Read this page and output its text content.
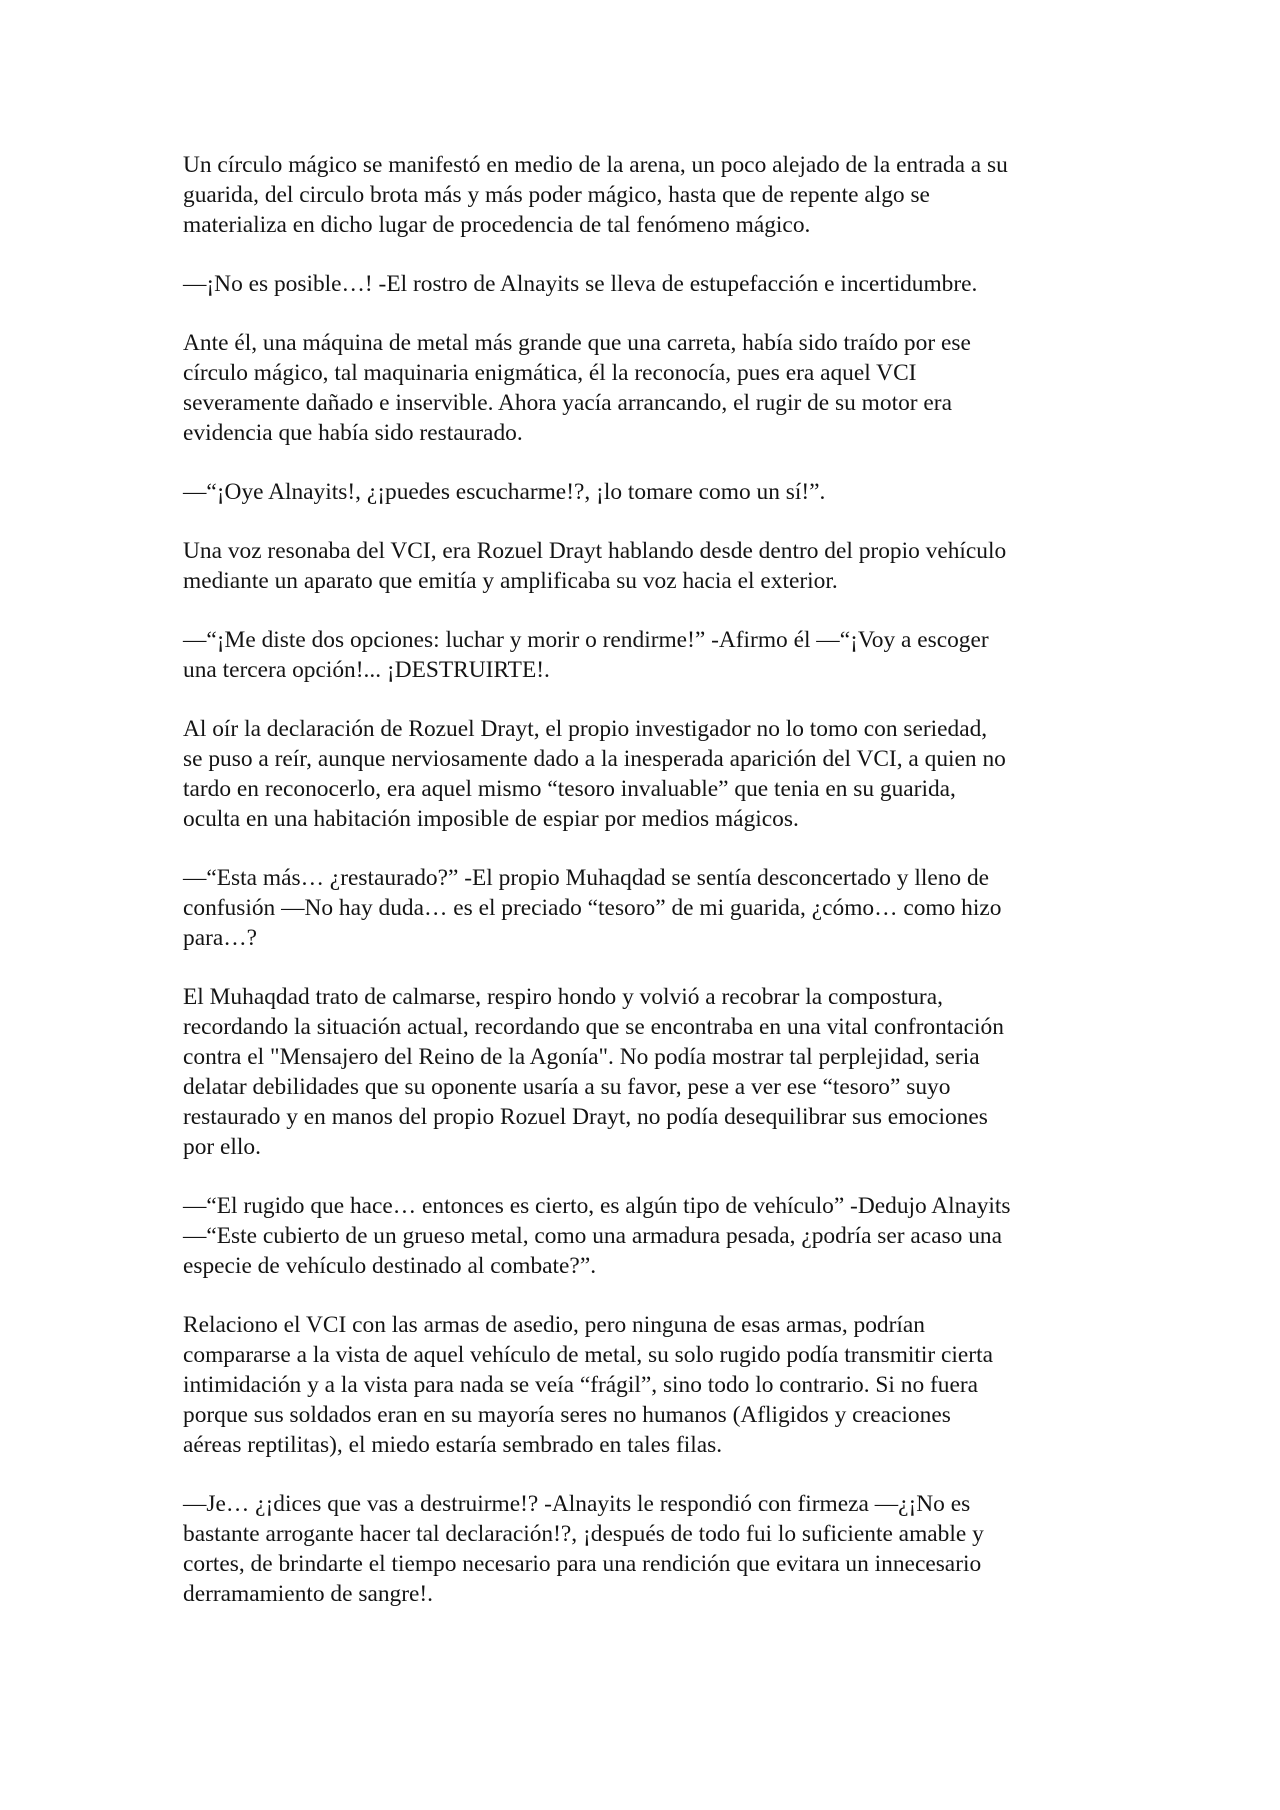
Un círculo mágico se manifestó en medio de la arena, un poco alejado de la entrada a su
guarida, del circulo brota más y más poder mágico, hasta que de repente algo se
materializa en dicho lugar de procedencia de tal fenómeno mágico.

—¡No es posible…! -El rostro de Alnayits se lleva de estupefacción e incertidumbre.

Ante él, una máquina de metal más grande que una carreta, había sido traído por ese
círculo mágico, tal maquinaria enigmática, él la reconocía, pues era aquel VCI
severamente dañado e inservible. Ahora yacía arrancando, el rugir de su motor era
evidencia que había sido restaurado.

—“¡Oye Alnayits!, ¿¡puedes escucharme!?, ¡lo tomare como un sí!”.

Una voz resonaba del VCI, era Rozuel Drayt hablando desde dentro del propio vehículo
mediante un aparato que emitía y amplificaba su voz hacia el exterior.

—“¡Me diste dos opciones: luchar y morir o rendirme!” -Afirmo él —“¡Voy a escoger
una tercera opción!... ¡DESTRUIRTE!.

Al oír la declaración de Rozuel Drayt, el propio investigador no lo tomo con seriedad,
se puso a reír, aunque nerviosamente dado a la inesperada aparición del VCI, a quien no
tardo en reconocerlo, era aquel mismo “tesoro invaluable” que tenia en su guarida,
oculta en una habitación imposible de espiar por medios mágicos.

—“Esta más… ¿restaurado?” -El propio Muhaqdad se sentía desconcertado y lleno de
confusión —No hay duda… es el preciado “tesoro” de mi guarida, ¿cómo… como hizo
para…?

El Muhaqdad trato de calmarse, respiro hondo y volvió a recobrar la compostura,
recordando la situación actual, recordando que se encontraba en una vital confrontación
contra el "Mensajero del Reino de la Agonía". No podía mostrar tal perplejidad, seria
delatar debilidades que su oponente usaría a su favor, pese a ver ese “tesoro” suyo
restaurado y en manos del propio Rozuel Drayt, no podía desequilibrar sus emociones
por ello.

—“El rugido que hace… entonces es cierto, es algún tipo de vehículo” -Dedujo Alnayits
—“Este cubierto de un grueso metal, como una armadura pesada, ¿podría ser acaso una
especie de vehículo destinado al combate?”.

Relaciono el VCI con las armas de asedio, pero ninguna de esas armas, podrían
compararse a la vista de aquel vehículo de metal, su solo rugido podía transmitir cierta
intimidación y a la vista para nada se veía “frágil”, sino todo lo contrario. Si no fuera
porque sus soldados eran en su mayoría seres no humanos (Afligidos y creaciones
aéreas reptilitas), el miedo estaría sembrado en tales filas.

—Je… ¿¡dices que vas a destruirme!? -Alnayits le respondió con firmeza —¿¡No es
bastante arrogante hacer tal declaración!?, ¡después de todo fui lo suficiente amable y
cortes, de brindarte el tiempo necesario para una rendición que evitara un innecesario
derramamiento de sangre!.
